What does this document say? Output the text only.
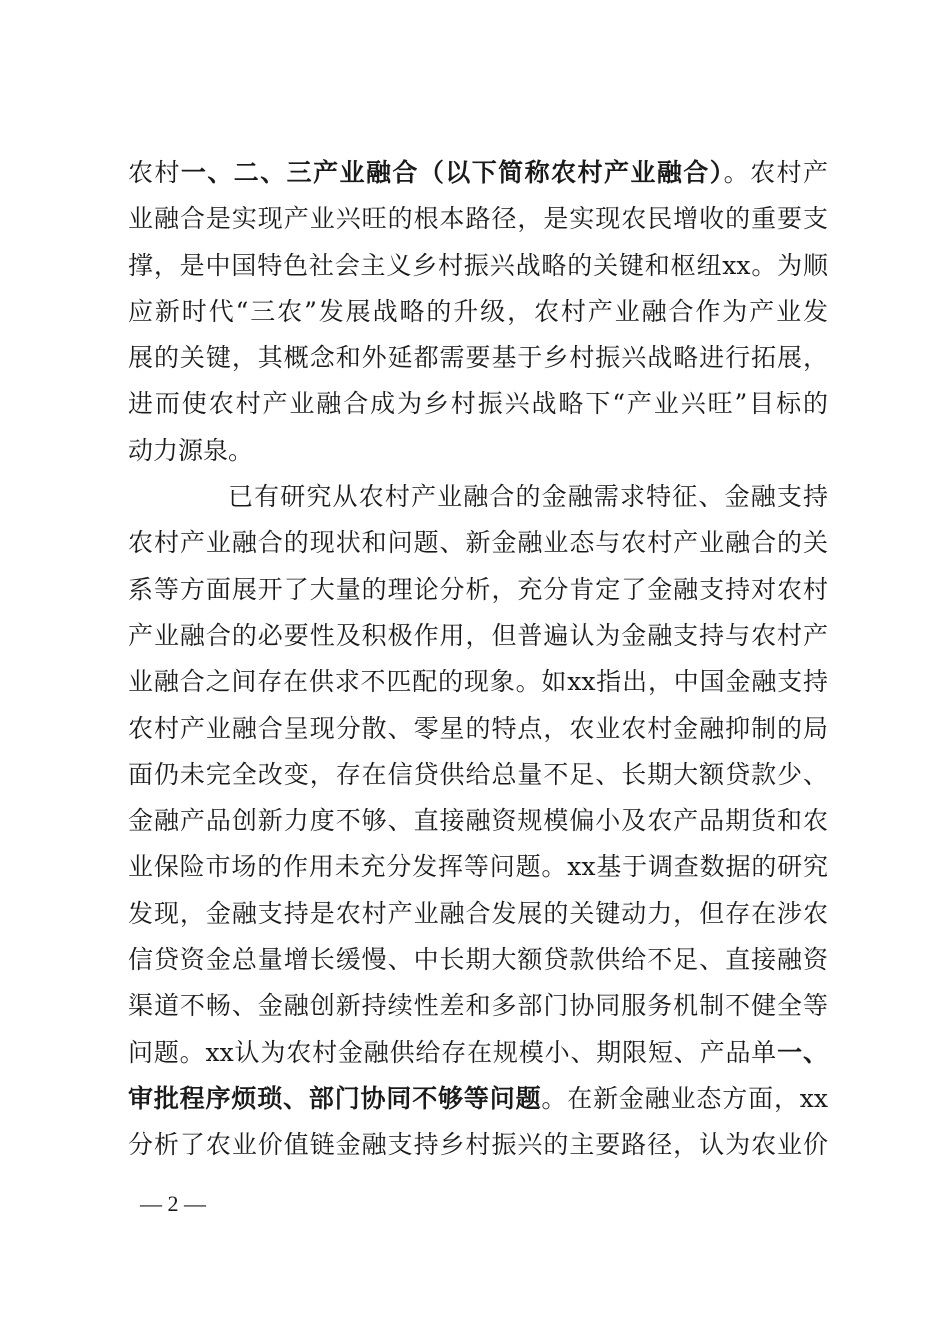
农村一、二、三产业融合（以下简称农村产业融合）。农村产
业融合是实现产业兴旺的根本路径，是实现农民增收的重要支
撑，是中国特色社会主义乡村振兴战略的关键和枢纽xx。为顺
应新时代“三农”发展战略的升级，农村产业融合作为产业发
展的关键，其概念和外延都需要基于乡村振兴战略进行拓展，
进而使农村产业融合成为乡村振兴战略下“产业兴旺”目标的
动力源泉。
已有研究从农村产业融合的金融需求特征、金融支持
农村产业融合的现状和问题、新金融业态与农村产业融合的关
系等方面展开了大量的理论分析，充分肯定了金融支持对农村
产业融合的必要性及积极作用，但普遍认为金融支持与农村产
业融合之间存在供求不匹配的现象。如xx指出，中国金融支持
农村产业融合呈现分散、零星的特点，农业农村金融抑制的局
面仍未完全改变，存在信贷供给总量不足、长期大额贷款少、
金融产品创新力度不够、直接融资规模偏小及农产品期货和农
业保险市场的作用未充分发挥等问题。xx基于调查数据的研究
发现，金融支持是农村产业融合发展的关键动力，但存在涉农
信贷资金总量增长缓慢、中长期大额贷款供给不足、直接融资
渠道不畅、金融创新持续性差和多部门协同服务机制不健全等
问题。xx认为农村金融供给存在规模小、期限短、产品单一、
审批程序烦琐、部门协同不够等问题。在新金融业态方面，xx
分析了农业价值链金融支持乡村振兴的主要路径，认为农业价
— 2 —
